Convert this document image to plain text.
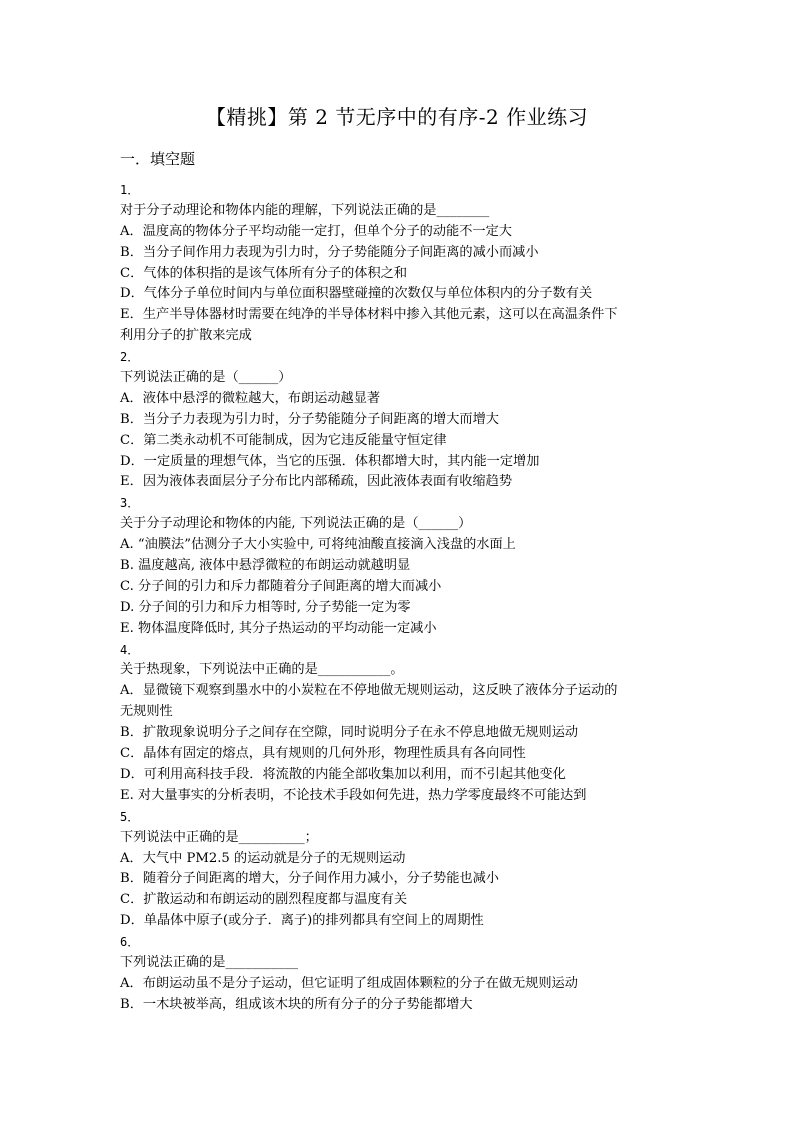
【精挑】第 2 节无序中的有序-2 作业练习
一．填空题
1．
对于分子动理论和物体内能的理解，下列说法正确的是________
A．温度高的物体分子平均动能一定打，但单个分子的动能不一定大
B．当分子间作用力表现为引力时，分子势能随分子间距离的减小而减小
C．气体的体积指的是该气体所有分子的体积之和
D．气体分子单位时间内与单位面积器壁碰撞的次数仅与单位体积内的分子数有关
E．生产半导体器材时需要在纯净的半导体材料中掺入其他元素，这可以在高温条件下
利用分子的扩散来完成
2．
下列说法正确的是（______）
A．液体中悬浮的微粒越大，布朗运动越显著
B．当分子力表现为引力时，分子势能随分子间距离的增大而增大
C．第二类永动机不可能制成，因为它违反能量守恒定律
D．一定质量的理想气体，当它的压强．体积都增大时，其内能一定增加
E．因为液体表面层分子分布比内部稀疏，因此液体表面有收缩趋势
3．
关于分子动理论和物体的内能, 下列说法正确的是（______）
A. “油膜法”估测分子大小实验中, 可将纯油酸直接滴入浅盘的水面上
B. 温度越高, 液体中悬浮微粒的布朗运动就越明显
C. 分子间的引力和斥力都随着分子间距离的增大而减小
D. 分子间的引力和斥力相等时, 分子势能一定为零
E. 物体温度降低时, 其分子热运动的平均动能一定减小
4．
关于热现象，下列说法中正确的是___________。
A．显微镜下观察到墨水中的小炭粒在不停地做无规则运动，这反映了液体分子运动的
无规则性
B．扩散现象说明分子之间存在空隙，同时说明分子在永不停息地做无规则运动
C．晶体有固定的熔点，具有规则的几何外形，物理性质具有各向同性
D．可利用高科技手段．将流散的内能全部收集加以利用，而不引起其他变化
E. 对大量事实的分析表明，不论技术手段如何先进，热力学零度最终不可能达到
5．
下列说法中正确的是__________；
A．大气中 PM2.5 的运动就是分子的无规则运动
B．随着分子间距离的增大，分子间作用力减小，分子势能也减小
C．扩散运动和布朗运动的剧烈程度都与温度有关
D．单晶体中原子(或分子．离子)的排列都具有空间上的周期性
6．
下列说法正确的是___________
A．布朗运动虽不是分子运动，但它证明了组成固体颗粒的分子在做无规则运动
B．一木块被举高，组成该木块的所有分子的分子势能都增大
